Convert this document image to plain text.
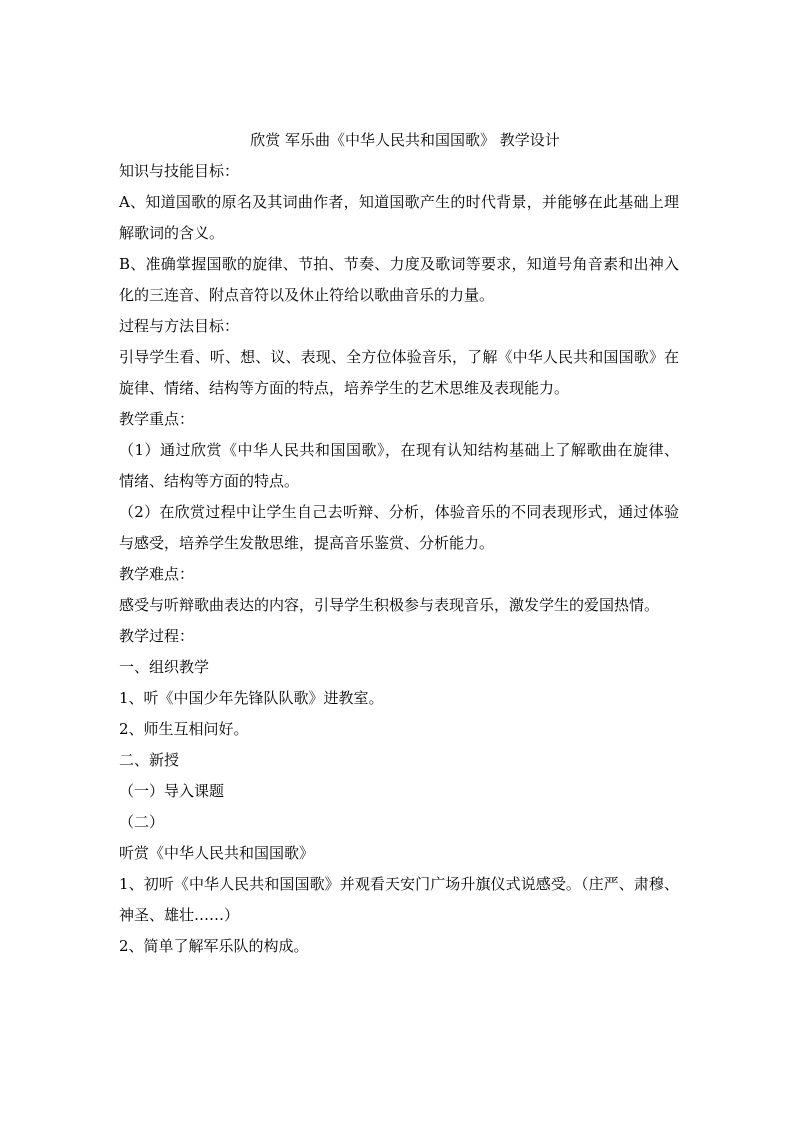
欣赏 军乐曲《中华人民共和国国歌》 教学设计

知识与技能目标：

A、知道国歌的原名及其词曲作者，知道国歌产生的时代背景，并能够在此基础上理解歌词的含义。

B、准确掌握国歌的旋律、节拍、节奏、力度及歌词等要求，知道号角音素和出神入化的三连音、附点音符以及休止符给以歌曲音乐的力量。

过程与方法目标：

引导学生看、听、想、议、表现、全方位体验音乐，了解《中华人民共和国国歌》在旋律、情绪、结构等方面的特点，培养学生的艺术思维及表现能力。

教学重点：

（1）通过欣赏《中华人民共和国国歌》，在现有认知结构基础上了解歌曲在旋律、 情绪、结构等方面的特点。

（2）在欣赏过程中让学生自己去听辩、分析，体验音乐的不同表现形式，通过体验 与感受，培养学生发散思维，提高音乐鉴赏、分析能力。

教学难点：

感受与听辩歌曲表达的内容，引导学生积极参与表现音乐，激发学生的爱国热情。

教学过程：

一、组织教学

1、听《中国少年先锋队队歌》进教室。

2、师生互相问好。

二、新授

（一）导入课题

（二）

听赏《中华人民共和国国歌》

1、初听《中华人民共和国国歌》并观看天安门广场升旗仪式说感受。（庄严、肃穆、神圣、雄壮……）

2、简单了解军乐队的构成。
